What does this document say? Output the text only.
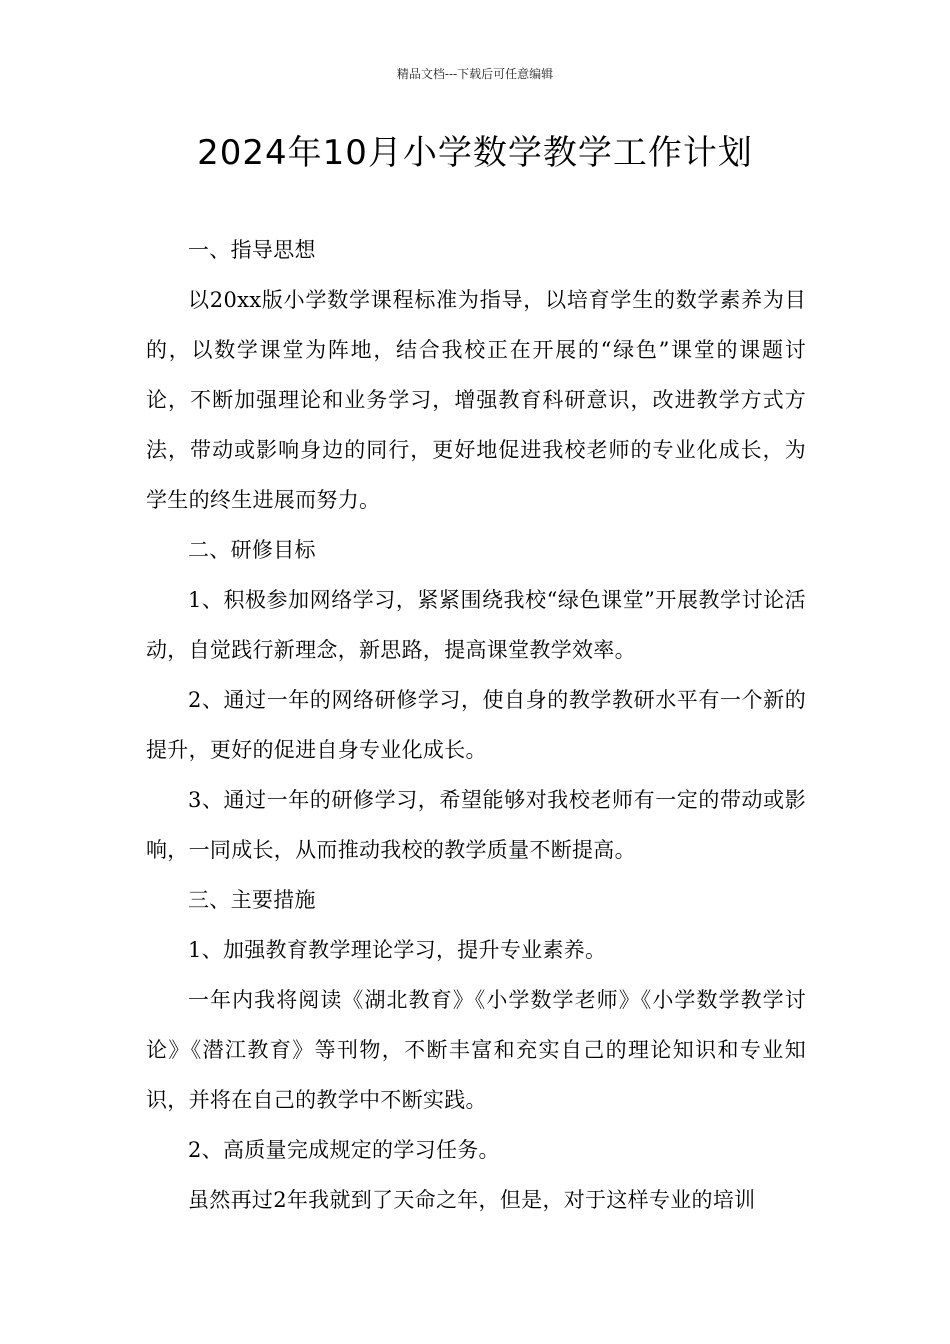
精品文档---下载后可任意编辑
2024年10月小学数学教学工作计划

一、指导思想

以20xx版小学数学课程标准为指导，以培育学生的数学素养为目的，以数学课堂为阵地，结合我校正在开展的“绿色”课堂的课题讨论，不断加强理论和业务学习，增强教育科研意识，改进教学方式方法，带动或影响身边的同行，更好地促进我校老师的专业化成长，为学生的终生进展而努力。

二、研修目标

1、积极参加网络学习，紧紧围绕我校“绿色课堂”开展教学讨论活动，自觉践行新理念，新思路，提高课堂教学效率。

2、通过一年的网络研修学习，使自身的教学教研水平有一个新的提升，更好的促进自身专业化成长。

3、通过一年的研修学习，希望能够对我校老师有一定的带动或影响，一同成长，从而推动我校的教学质量不断提高。

三、主要措施

1、加强教育教学理论学习，提升专业素养。

一年内我将阅读《湖北教育》《小学数学老师》《小学数学教学讨论》《潜江教育》等刊物，不断丰富和充实自己的理论知识和专业知识，并将在自己的教学中不断实践。

2、高质量完成规定的学习任务。

虽然再过2年我就到了天命之年，但是，对于这样专业的培训
